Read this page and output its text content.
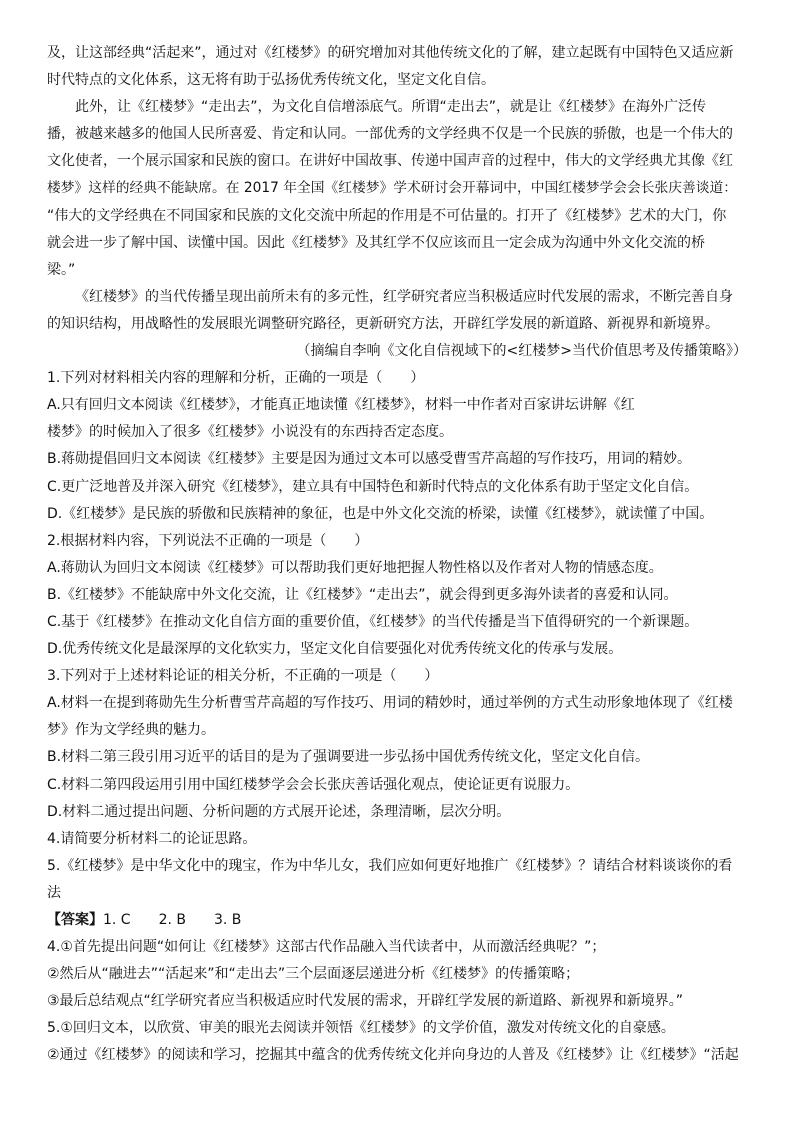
及，让这部经典“活起来”，通过对《红楼梦》的研究增加对其他传统文化的了解，建立起既有中国特色又适应新
时代特点的文化体系，这无将有助于弘扬优秀传统文化，坚定文化自信。
此外，让《红楼梦》“走出去”，为文化自信增添底气。所谓“走出去”，就是让《红楼梦》在海外广泛传
播，被越来越多的他国人民所喜爱、肯定和认同。一部优秀的文学经典不仅是一个民族的骄傲，也是一个伟大的
文化使者，一个展示国家和民族的窗口。在讲好中国故事、传递中国声音的过程中，伟大的文学经典尤其像《红
楼梦》这样的经典不能缺席。在 2017 年全国《红楼梦》学术研讨会开幕词中，中国红楼梦学会会长张庆善谈道：
“伟大的文学经典在不同国家和民族的文化交流中所起的作用是不可估量的。打开了《红楼梦》艺术的大门，你
就会进一步了解中国、读懂中国。因此《红楼梦》及其红学不仅应该而且一定会成为沟通中外文化交流的桥
梁。”
《红楼梦》的当代传播呈现出前所未有的多元性，红学研究者应当积极适应时代发展的需求，不断完善自身
的知识结构，用战略性的发展眼光调整研究路径，更新研究方法，开辟红学发展的新道路、新视界和新境界。
（摘编自李响《文化自信视域下的<红楼梦>当代价值思考及传播策略》）
1.下列对材料相关内容的理解和分析，正确的一项是（　　）
A.只有回归文本阅读《红楼梦》，才能真正地读懂《红楼梦》，材料一中作者对百家讲坛讲解《红
楼梦》的时候加入了很多《红楼梦》小说没有的东西持否定态度。
B.蒋勋提倡回归文本阅读《红楼梦》主要是因为通过文本可以感受曹雪芹高超的写作技巧，用词的精妙。
C.更广泛地普及并深入研究《红楼梦》，建立具有中国特色和新时代特点的文化体系有助于坚定文化自信。
D.《红楼梦》是民族的骄傲和民族精神的象征，也是中外文化交流的桥梁，读懂《红楼梦》，就读懂了中国。
2.根据材料内容，下列说法不正确的一项是（　　）
A.蒋勋认为回归文本阅读《红楼梦》可以帮助我们更好地把握人物性格以及作者对人物的情感态度。
B.《红楼梦》不能缺席中外文化交流，让《红楼梦》“走出去”，就会得到更多海外读者的喜爱和认同。
C.基于《红楼梦》在推动文化自信方面的重要价值，《红楼梦》的当代传播是当下值得研究的一个新课题。
D.优秀传统文化是最深厚的文化软实力，坚定文化自信要强化对优秀传统文化的传承与发展。
3.下列对于上述材料论证的相关分析，不正确的一项是（　　）
A.材料一在提到蒋勋先生分析曹雪芹高超的写作技巧、用词的精妙时，通过举例的方式生动形象地体现了《红楼
梦》作为文学经典的魅力。
B.材料二第三段引用习近平的话目的是为了强调要进一步弘扬中国优秀传统文化，坚定文化自信。
C.材料二第四段运用引用中国红楼梦学会会长张庆善话强化观点，使论证更有说服力。
D.材料二通过提出问题、分析问题的方式展开论述，条理清晰，层次分明。
4.请简要分析材料二的论证思路。
5.《红楼梦》是中华文化中的瑰宝，作为中华儿女，我们应如何更好地推广《红楼梦》？请结合材料谈谈你的看
法
【答案】1. C　　2. B　　3. B
4.①首先提出问题“如何让《红楼梦》这部古代作品融入当代读者中，从而激活经典呢？”；
②然后从“融进去”“活起来”和“走出去”三个层面逐层递进分析《红楼梦》的传播策略；
③最后总结观点“红学研究者应当积极适应时代发展的需求，开辟红学发展的新道路、新视界和新境界。”
5.①回归文本，以欣赏、审美的眼光去阅读并领悟《红楼梦》的文学价值，激发对传统文化的自豪感。
②通过《红楼梦》的阅读和学习，挖掘其中蕴含的优秀传统文化并向身边的人普及《红楼梦》让《红楼梦》“活起
